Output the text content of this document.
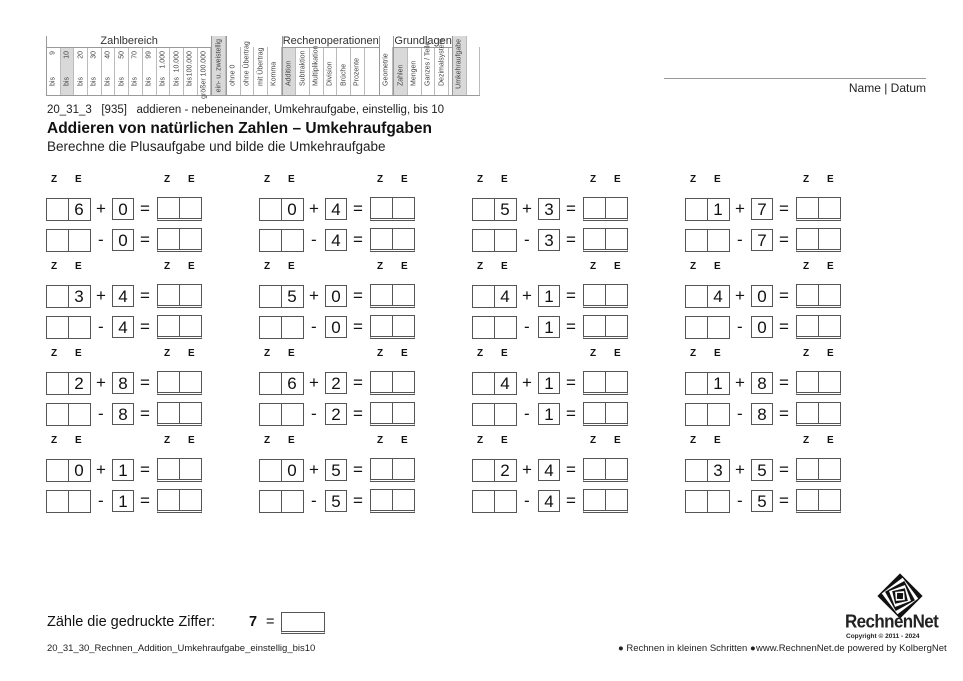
Zahlbereich
9
bis
10
bis
20
bis
30
bis
40
bis
50
bis
70
bis
99
bis
1.000
bis
10.000
bis
100.000
bis größer 100.000 ein- u. zweistellig ohne 0 ohne Übertrag mit Übertrag Komma
Rechenoperationen
Addition Subtraktion Multiplikation Division Brüche Prozente	Geometrie
Grundlagen
Zahlen Mengen Ganzes / Teile Dezimalsystem Umkehraufgabe	Name | Datum
20_31_3   [935]   addieren - nebeneinander, Umkehraufgabe, einstellig, bis 10
Addieren von natürlichen Zahlen – Umkehraufgaben
Berechne die Plusaufgabe und bilde die Umkehraufgabe
Z E	Z E
6 + 0 =
- 0 =
Z E	Z E
0 + 4 =
- 4 =
Z E	Z E
5 + 3 =
- 3 =
Z E	Z E
1 + 7 =
- 7 =
Z E	Z E
3 + 4 =
- 4 =
Z E	Z E
5 + 0 =
- 0 =
Z E	Z E
4 + 1 =
- 1 =
Z E	Z E
4 + 0 =
- 0 =
Z E	Z E
2 + 8 =
- 8 =
Z E	Z E
6 + 2 =
- 2 =
Z E	Z E
4 + 1 =
- 1 =
Z E	Z E
1 + 8 =
- 8 =
Z E	Z E
0 + 1 =
- 1 =
Z E	Z E
0 + 5 =
- 5 =
Z E	Z E
2 + 4 =
- 4 =
Z E	Z E
3 + 5 =
- 5 =
Zähle die gedruckte Ziffer: 7 =
20_31_30_Rechnen_Addition_Umkehraufgabe_einstellig_bis10	● Rechnen in kleinen Schritten ● www.RechnenNet.de powered by KolbergNet
RechnenNet
Copyright © 2011 - 2024
